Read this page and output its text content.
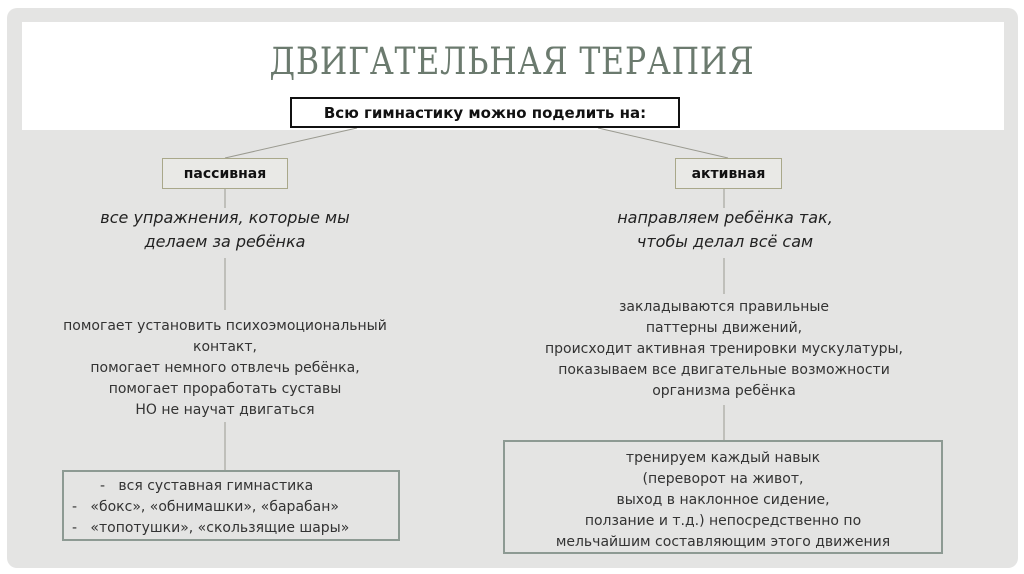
ДВИГАТЕЛЬНАЯ ТЕРАПИЯ
Всю гимнастику можно поделить на:
пассивная	активная
все упражнения, которые мы
делаем за ребёнка
направляем ребёнка так,
чтобы делал всё сам
помогает установить психоэмоциональный
контакт,
помогает немного отвлечь ребёнка,
помогает проработать суставы
НО не научат двигаться
закладываются правильные
паттерны движений,
происходит активная тренировки мускулатуры,
показываем все двигательные возможности
организма ребёнка
-   вся суставная гимнастика
-   «бокс», «обнимашки», «барабан»
-   «топотушки», «скользящие шары»
тренируем каждый навык
(переворот на живот,
выход в наклонное сидение,
ползание и т.д.) непосредственно по
мельчайшим составляющим этого движения
